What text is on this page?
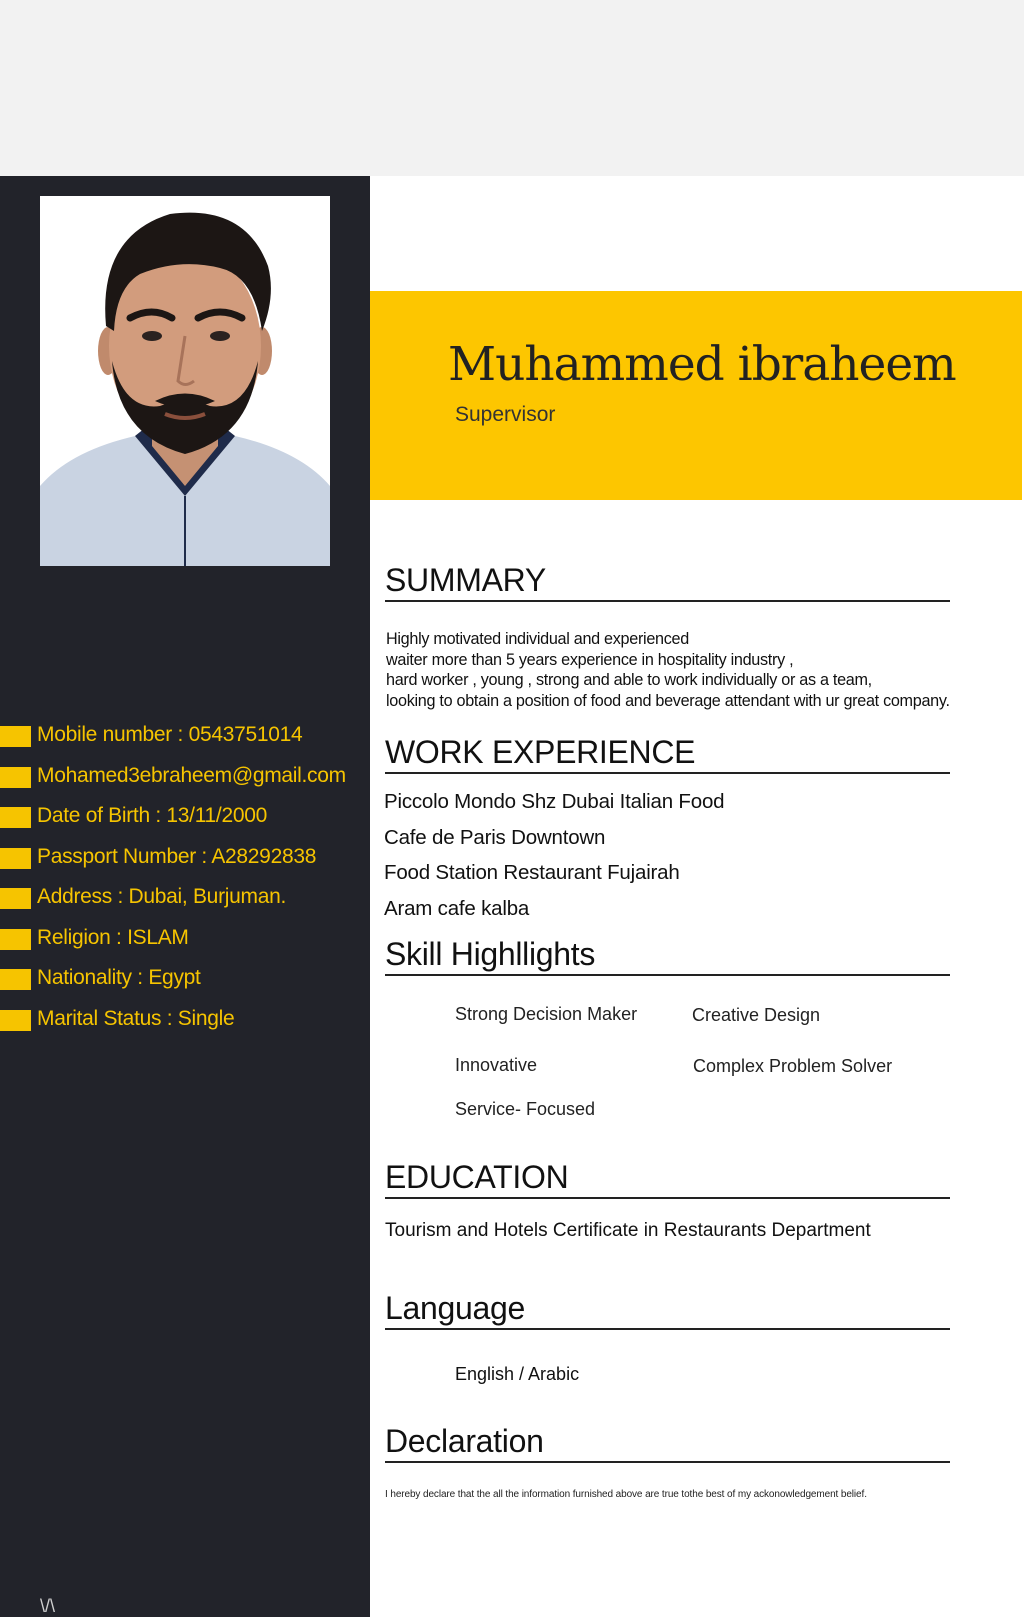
Mobile number : 0543751014
Mohamed3ebraheem@gmail.com
Date of Birth : 13/11/2000
Passport Number : A28292838
Address : Dubai, Burjuman.
Religion : ISLAM
Nationality : Egypt
Marital Status : Single
\/\
Muhammed ibraheem
Supervisor
SUMMARY

Highly motivated individual and experienced
waiter more than 5 years experience in hospitality industry ,
hard worker , young , strong and able to work individually or as a team,
looking to obtain a position of food and beverage attendant with ur great company.

WORK EXPERIENCE
Piccolo Mondo Shz Dubai Italian Food
Cafe de Paris Downtown
Food Station Restaurant Fujairah
Aram cafe kalba
Skill Highllights
Strong Decision Maker	Creative Design
Innovative	Complex Problem Solver
Service- Focused
EDUCATION
Tourism and Hotels Certificate in Restaurants Department
Language
English / Arabic
Declaration
I hereby declare that the all the information furnished above are true tothe best of my ackonowledgement belief.
